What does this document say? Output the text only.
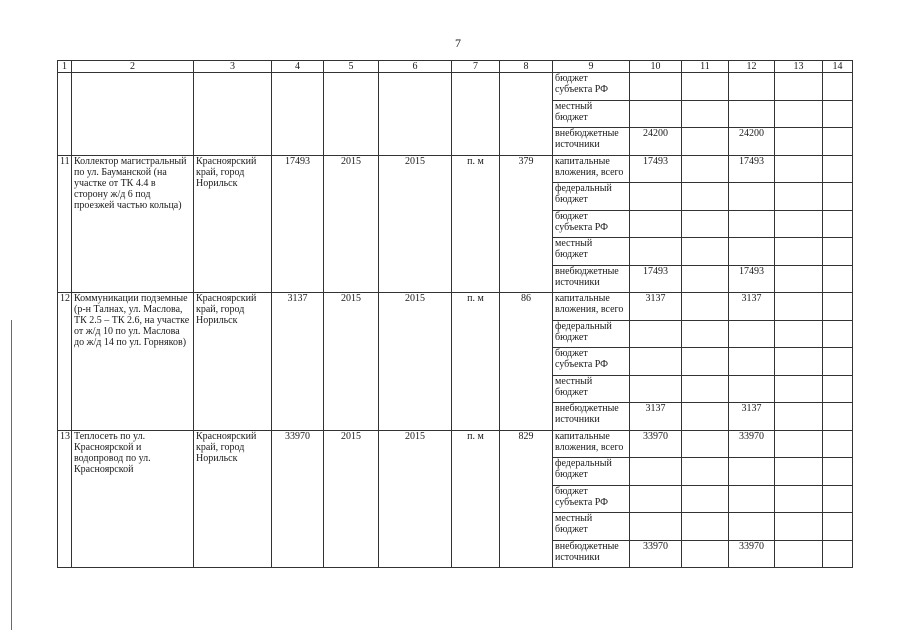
7
1	2	3	4	5	6	7	8	9	10	11	12	13	14
								бюджет субъекта РФ					
								местный бюджет					
								внебюджетные источники	24200		24200		
11	Коллектор магистральный по ул. Бауманской (на участке от ТК 4.4 в сторону ж/д 6 под проезжей частью кольца)	Красноярский край, город Норильск	17493	2015	2015	п. м	379	капитальные вложения, всего	17493		17493		
								федеральный бюджет					
								бюджет субъекта РФ					
								местный бюджет					
								внебюджетные источники	17493		17493		
12	Коммуникации подземные (р-н Талнах, ул. Маслова, ТК 2.5 – ТК 2.6, на участке от ж/д 10 по ул. Маслова до ж/д 14 по ул. Горняков)	Красноярский край, город Норильск	3137	2015	2015	п. м	86	капитальные вложения, всего	3137		3137		
								федеральный бюджет					
								бюджет субъекта РФ					
								местный бюджет					
								внебюджетные источники	3137		3137		
13	Теплосеть по ул. Красноярской и водопровод по ул. Красноярской	Красноярский край, город Норильск	33970	2015	2015	п. м	829	капитальные вложения, всего	33970		33970		
								федеральный бюджет					
								бюджет субъекта РФ					
								местный бюджет					
								внебюджетные источники	33970		33970		
